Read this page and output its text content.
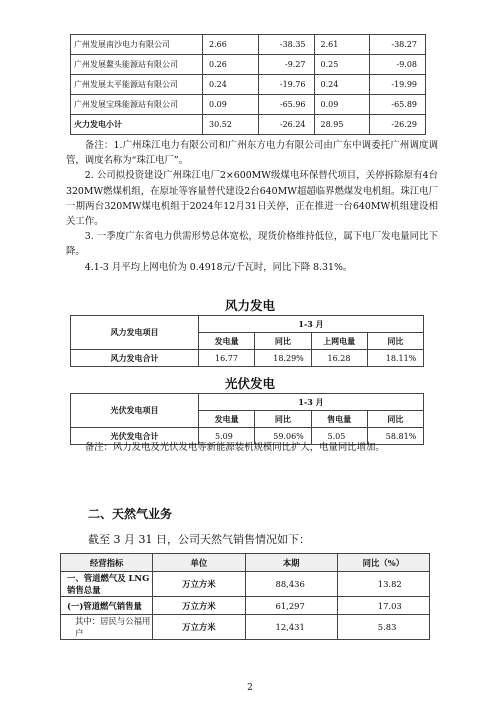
广州发展南沙电力有限公司	2.66	-38.35	2.61	-38.27
广州发展鳌头能源站有限公司	0.26	-9.27	0.25	-9.08
广州发展太平能源站有限公司	0.24	-19.76	0.24	-19.99
广州发展宝珠能源站有限公司	0.09	-65.96	0.09	-65.89
火力发电小计	30.52	-26.24	28.95	-26.29

备注：1.广州珠江电力有限公司和广州东方电力有限公司由广东中调委托广州调度调管，调度名称为“珠江电厂”。

2. 公司拟投资建设广州珠江电厂2×600MW级煤电环保替代项目，关停拆除原有4台320MW燃煤机组，在原址等容量替代建设2台640MW超超临界燃煤发电机组。珠江电厂一期两台320MW煤电机组于2024年12月31日关停，正在推进一台640MW机组建设相关工作。

3. 一季度广东省电力供需形势总体宽松，现货价格维持低位，属下电厂发电量同比下降。

4.1-3 月平均上网电价为 0.4918元/千瓦时，同比下降 8.31%。

风力发电
风力发电项目	1-3 月			
	发电量	同比	上网电量	同比
风力发电合计	16.77	18.29%	16.28	18.11%
光伏发电
光伏发电项目	1-3 月			
	发电量	同比	售电量	同比
光伏发电合计	5.09	59.06%	5.05	58.81%
备注：风力发电及光伏发电等新能源装机规模同比扩大，电量同比增加。
二、天然气业务
截至 3 月 31 日，公司天然气销售情况如下：
经营指标	单位	本期	同比（%）
一、管道燃气及 LNG 销售总量	万立方米	88,436	13.82
(一)管道燃气销售量	万立方米	61,297	17.03
其中：居民与公福用户	万立方米	12,431	5.83
2
